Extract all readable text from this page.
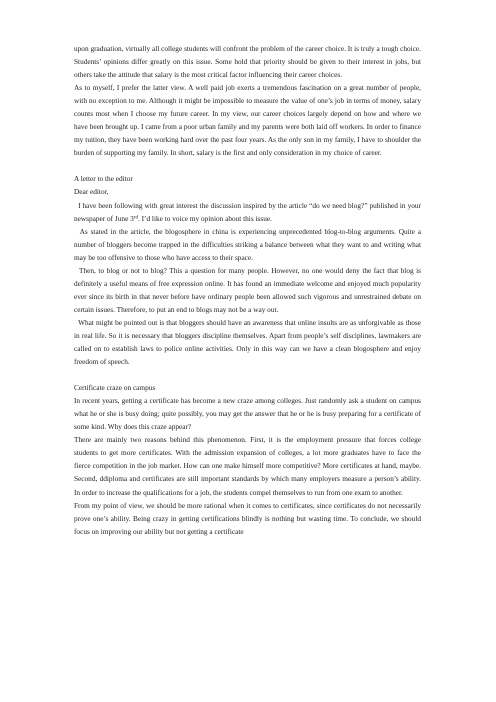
upon graduation, virtually all college students will confront the problem of the career choice. It is truly a tough choice. Students’ opinions differ greatly on this issue. Some hold that priority should be given to their interest in jobs, but others take the attitude that salary is the most critical factor influencing their career choices.

As to myself, I prefer the latter view. A well paid job exerts a tremendous fascination on a great number of people, with no exception to me. Although it might be impossible to measure the value of one’s job in terms of money, salary counts most when I choose my future career. In my view, our career choices largely depend on how and where we have been brought up. I came from a poor urban family and my parents were both laid off workers. In order to finance my tuition, they have been working hard over the past four years. As the only son in my family, I have to shoulder the burden of supporting my family. In short, salary is the first and only consideration in my choice of career.

A letter to the editor

Dear editor,

I have been following with great interest the discussion inspired by the article “do we need blog?” published in your newspaper of June 3rd. I’d like to voice my opinion about this issue.

As stated in the article, the blogosphere in china is experiencing unprecedented blog-to-blog arguments. Quite a number of bloggers become trapped in the difficulties striking a balance between what they want to and writing what may be too offensive to those who have access to their space.

Then, to blog or not to blog? This a question for many people. However, no one would deny the fact that blog is definitely a useful means of free expression online. It has found an immediate welcome and enjoyed much popularity ever since its birth in that never before have ordinary people been allowed such vigorous and unrestrained debate on certain issues. Therefore, to put an end to blogs may not be a way out.

What might be pointed out is that bloggers should have an awareness that online insults are as unforgivable as those in real life. So it is necessary that bloggers discipline themselves. Apart from people’s self disciplines, lawmakers are called on to establish laws to police online activities. Only in this way can we have a clean blogosphere and enjoy freedom of speech.

Certificate craze on campus

In recent years, getting a certificate has become a new craze among colleges. Just randomly ask a student on campus what he or she is busy doing; quite possibly, you may get the answer that he or he is busy preparing for a certificate of some kind. Why does this craze appear?

There are mainly two reasons behind this phenomenon. First, it is the employment pressure that forces college students to get more certificates. With the admission expansion of colleges, a lot more graduates have to face the fierce competition in the job market. How can one make himself more competitive? More certificates at hand, maybe. Second, ddiploma and certificates are still important standards by which many employers measure a person’s ability. In order to increase the qualifications for a job, the students compel themselves to run from one exam to another.

From my point of view, we should be more rational when it comes to certificates, since certificates do not necessarily prove one’s ability. Being crazy in getting certifications blindly is nothing but wasting time. To conclude, we should focus on improving our ability but not getting a certificate
